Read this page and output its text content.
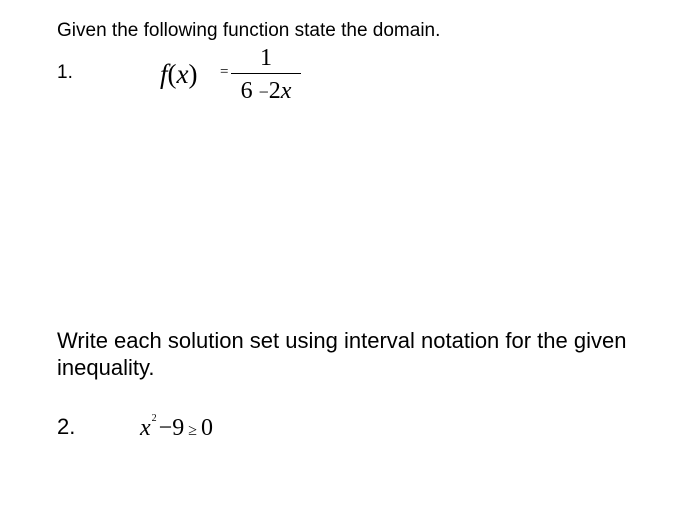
Given the following function state the domain.
1.	f(x) =
1
6 −2x
Write each solution set using interval notation for the given inequality.
2.	$x^2-9 \ge 0$
